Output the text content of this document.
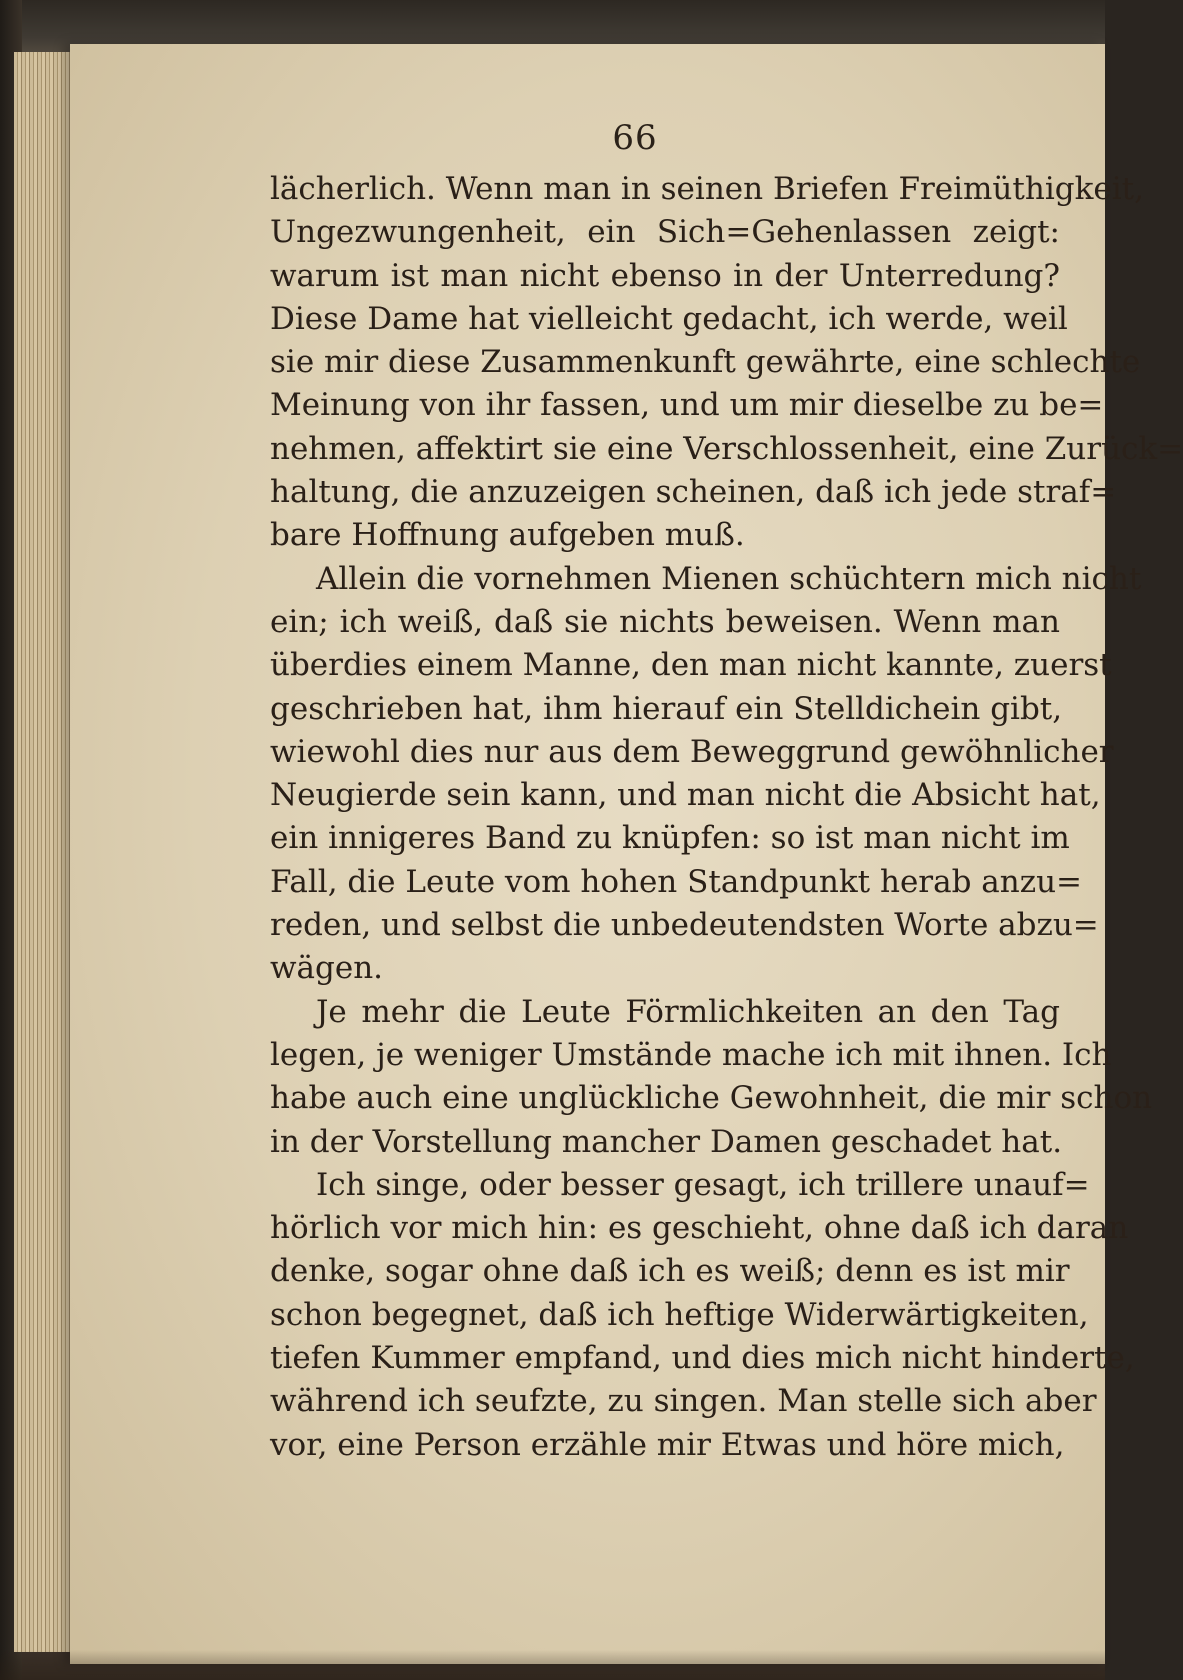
66
lächerlich. Wenn man in seinen Briefen Freimüthigkeit,
Ungezwungenheit, ein Sich=Gehenlassen zeigt:
warum ist man nicht ebenso in der Unterredung?
Diese Dame hat vielleicht gedacht, ich werde, weil
sie mir diese Zusammenkunft gewährte, eine schlechte
Meinung von ihr fassen, und um mir dieselbe zu be=
nehmen, affektirt sie eine Verschlossenheit, eine Zurück=
haltung, die anzuzeigen scheinen, daß ich jede straf=
bare Hoffnung aufgeben muß.
Allein die vornehmen Mienen schüchtern mich nicht
ein; ich weiß, daß sie nichts beweisen. Wenn man
überdies einem Manne, den man nicht kannte, zuerst
geschrieben hat, ihm hierauf ein Stelldichein gibt,
wiewohl dies nur aus dem Beweggrund gewöhnlicher
Neugierde sein kann, und man nicht die Absicht hat,
ein innigeres Band zu knüpfen: so ist man nicht im
Fall, die Leute vom hohen Standpunkt herab anzu=
reden, und selbst die unbedeutendsten Worte abzu=
wägen.
Je mehr die Leute Förmlichkeiten an den Tag
legen, je weniger Umstände mache ich mit ihnen. Ich
habe auch eine unglückliche Gewohnheit, die mir schon
in der Vorstellung mancher Damen geschadet hat.
Ich singe, oder besser gesagt, ich trillere unauf=
hörlich vor mich hin: es geschieht, ohne daß ich daran
denke, sogar ohne daß ich es weiß; denn es ist mir
schon begegnet, daß ich heftige Widerwärtigkeiten,
tiefen Kummer empfand, und dies mich nicht hinderte,
während ich seufzte, zu singen. Man stelle sich aber
vor, eine Person erzähle mir Etwas und höre mich,
